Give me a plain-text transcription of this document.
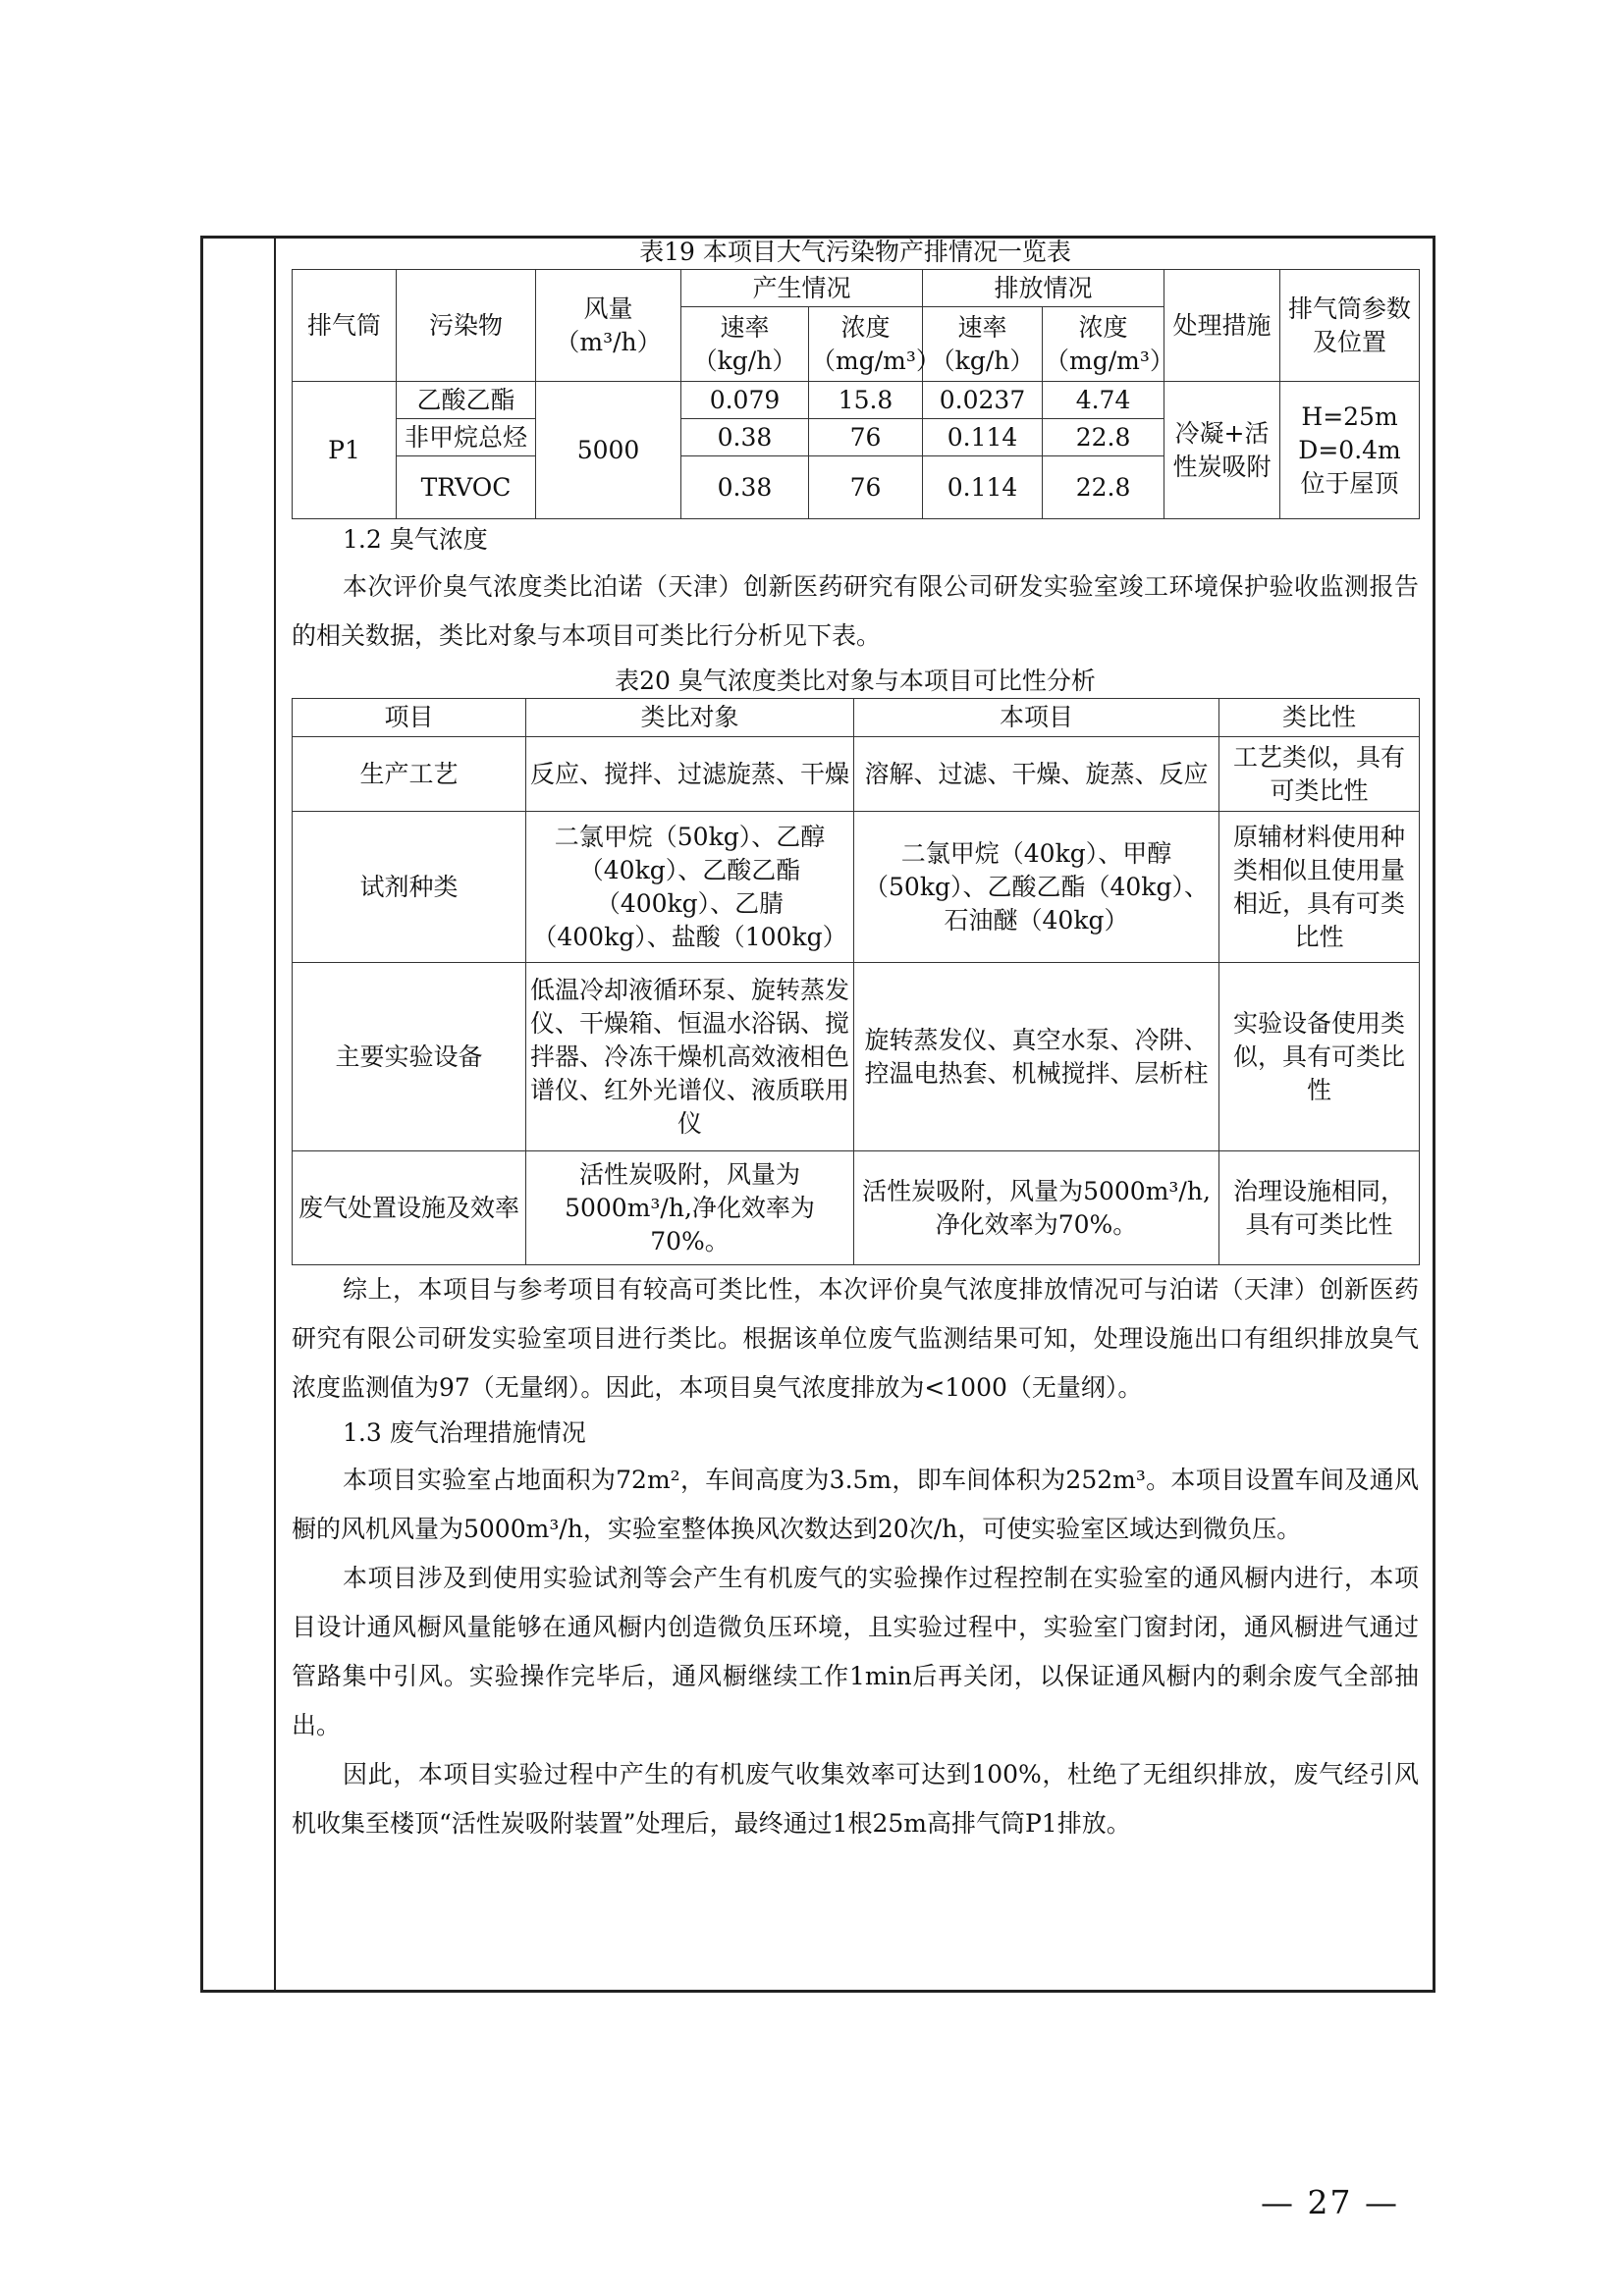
表19 本项目大气污染物产排情况一览表
排气筒	污染物	风量（m³/h）	产生情况		排放情况		处理措施	排气筒参数及位置
			速率（kg/h）	浓度（mg/m³）	速率（kg/h）	浓度（mg/m³）		
P1	乙酸乙酯	5000	0.079	15.8	0.0237	4.74	冷凝+活性炭吸附	H=25m D=0.4m 位于屋顶
	非甲烷总烃		0.38	76	0.114	22.8		
	TRVOC		0.38	76	0.114	22.8		
1.2 臭气浓度

本次评价臭气浓度类比泊诺（天津）创新医药研究有限公司研发实验室竣工环境保护验收监测报告的相关数据，类比对象与本项目可类比行分析见下表。

表20 臭气浓度类比对象与本项目可比性分析
项目	类比对象	本项目	类比性
生产工艺	反应、搅拌、过滤旋蒸、干燥	溶解、过滤、干燥、旋蒸、反应	工艺类似，具有可类比性
试剂种类	二氯甲烷（50kg）、乙醇（40kg）、乙酸乙酯（400kg）、乙腈（400kg）、盐酸（100kg）	二氯甲烷（40kg）、甲醇（50kg）、乙酸乙酯（40kg）、石油醚（40kg）	原辅材料使用种类相似且使用量相近，具有可类比性
主要实验设备	低温冷却液循环泵、旋转蒸发仪、干燥箱、恒温水浴锅、搅拌器、冷冻干燥机高效液相色谱仪、红外光谱仪、液质联用仪	旋转蒸发仪、真空水泵、冷阱、控温电热套、机械搅拌、层析柱	实验设备使用类似，具有可类比性
废气处置设施及效率	活性炭吸附，风量为5000m³/h,净化效率为70%。	活性炭吸附，风量为5000m³/h,净化效率为70%。	治理设施相同，具有可类比性

综上，本项目与参考项目有较高可类比性，本次评价臭气浓度排放情况可与泊诺（天津）创新医药研究有限公司研发实验室项目进行类比。根据该单位废气监测结果可知，处理设施出口有组织排放臭气浓度监测值为97（无量纲）。因此，本项目臭气浓度排放为<1000（无量纲）。

1.3 废气治理措施情况

本项目实验室占地面积为72m²，车间高度为3.5m，即车间体积为252m³。本项目设置车间及通风橱的风机风量为5000m³/h，实验室整体换风次数达到20次/h，可使实验室区域达到微负压。

本项目涉及到使用实验试剂等会产生有机废气的实验操作过程控制在实验室的通风橱内进行，本项目设计通风橱风量能够在通风橱内创造微负压环境，且实验过程中，实验室门窗封闭，通风橱进气通过管路集中引风。实验操作完毕后，通风橱继续工作1min后再关闭，以保证通风橱内的剩余废气全部抽出。

因此，本项目实验过程中产生的有机废气收集效率可达到100%，杜绝了无组织排放，废气经引风机收集至楼顶“活性炭吸附装置”处理后，最终通过1根25m高排气筒P1排放。

— 27 —
